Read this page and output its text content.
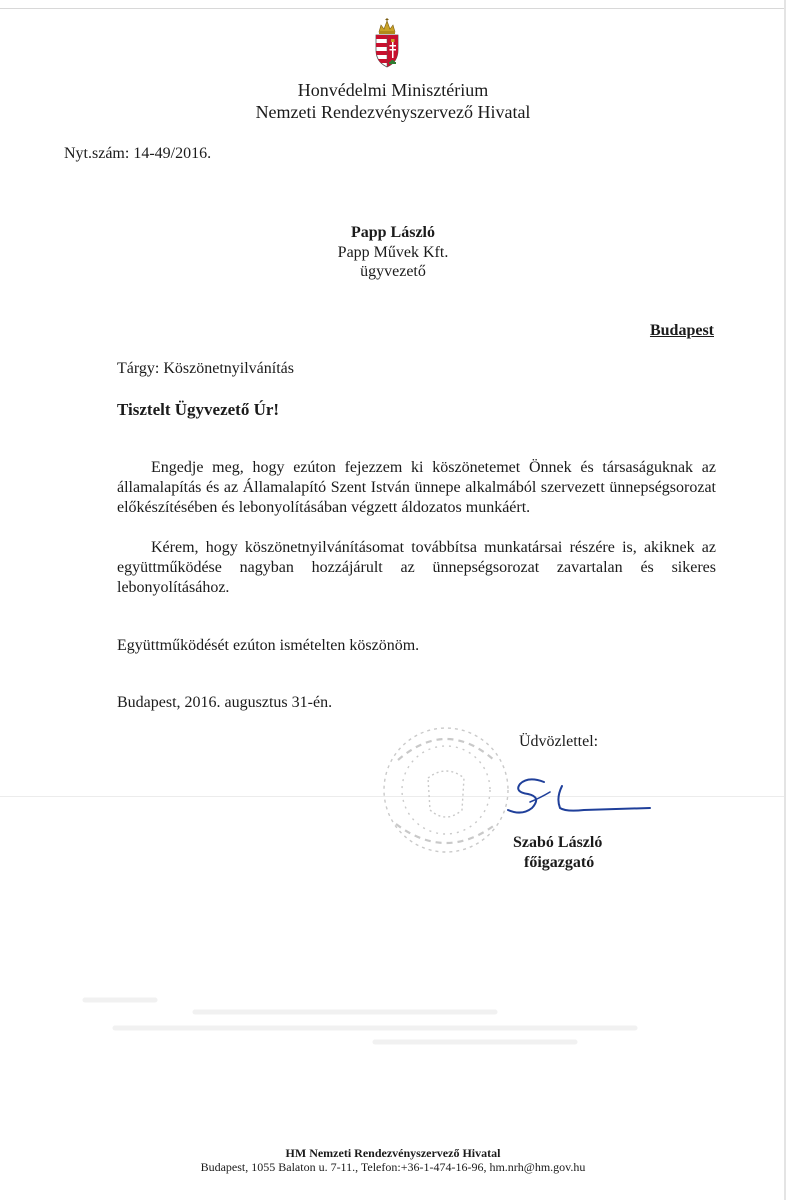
Honvédelmi Minisztérium
Nemzeti Rendezvényszervező Hivatal
Nyt.szám: 14-49/2016.
Papp László
Papp Művek Kft.
ügyvezető
Budapest
Tárgy: Köszönetnyilvánítás
Tisztelt Ügyvezető Úr!

Engedje meg, hogy ezúton fejezzem ki köszönetemet Önnek és társaságuknak az államalapítás és az Államalapító Szent István ünnepe alkalmából szervezett ünnepségsorozat előkészítésében és lebonyolításában végzett áldozatos munkáért.

Kérem, hogy köszönetnyilvánításomat továbbítsa munkatársai részére is, akiknek az együttműködése nagyban hozzájárult az ünnepségsorozat zavartalan és sikeres lebonyolításához.

Együttműködését ezúton ismételten köszönöm.

Budapest, 2016. augusztus 31-én.
Üdvözlettel:
Szabó László
főigazgató
HM Nemzeti Rendezvényszervező Hivatal
Budapest, 1055 Balaton u. 7-11., Telefon:+36-1-474-16-96, hm.nrh@hm.gov.hu
